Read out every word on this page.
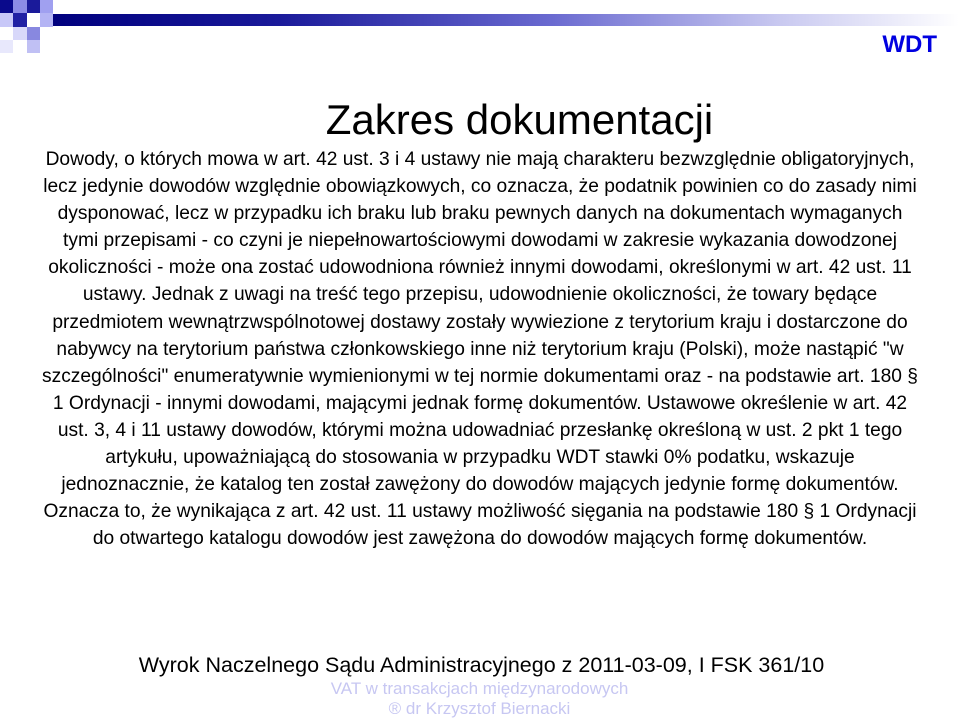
WDT
Zakres dokumentacji
Dowody, o których mowa w art. 42 ust. 3 i 4 ustawy nie mają charakteru bezwzględnie obligatoryjnych, lecz jedynie dowodów względnie obowiązkowych, co oznacza, że podatnik powinien co do zasady nimi dysponować, lecz w przypadku ich braku lub braku pewnych danych na dokumentach wymaganych tymi przepisami - co czyni je niepełnowartościowymi dowodami w zakresie wykazania dowodzonej okoliczności - może ona zostać udowodniona również innymi dowodami, określonymi w art. 42 ust. 11 ustawy. Jednak z uwagi na treść tego przepisu, udowodnienie okoliczności, że towary będące przedmiotem wewnątrzwspólnotowej dostawy zostały wywiezione z terytorium kraju i dostarczone do nabywcy na terytorium państwa członkowskiego inne niż terytorium kraju (Polski), może nastąpić "w szczególności" enumeratywnie wymienionymi w tej normie dokumentami oraz - na podstawie art. 180 § 1 Ordynacji - innymi dowodami, mającymi jednak formę dokumentów. Ustawowe określenie w art. 42 ust. 3, 4 i 11 ustawy dowodów, którymi można udowadniać przesłankę określoną w ust. 2 pkt 1 tego artykułu, upoważniającą do stosowania w przypadku WDT stawki 0% podatku, wskazuje jednoznacznie, że katalog ten został zawężony do dowodów mających jedynie formę dokumentów. Oznacza to, że wynikająca z art. 42 ust. 11 ustawy możliwość sięgania na podstawie 180 § 1 Ordynacji do otwartego katalogu dowodów jest zawężona do dowodów mających formę dokumentów.
Wyrok Naczelnego Sądu Administracyjnego z 2011-03-09, I FSK 361/10
VAT w transakcjach międzynarodowych
® dr Krzysztof Biernacki
